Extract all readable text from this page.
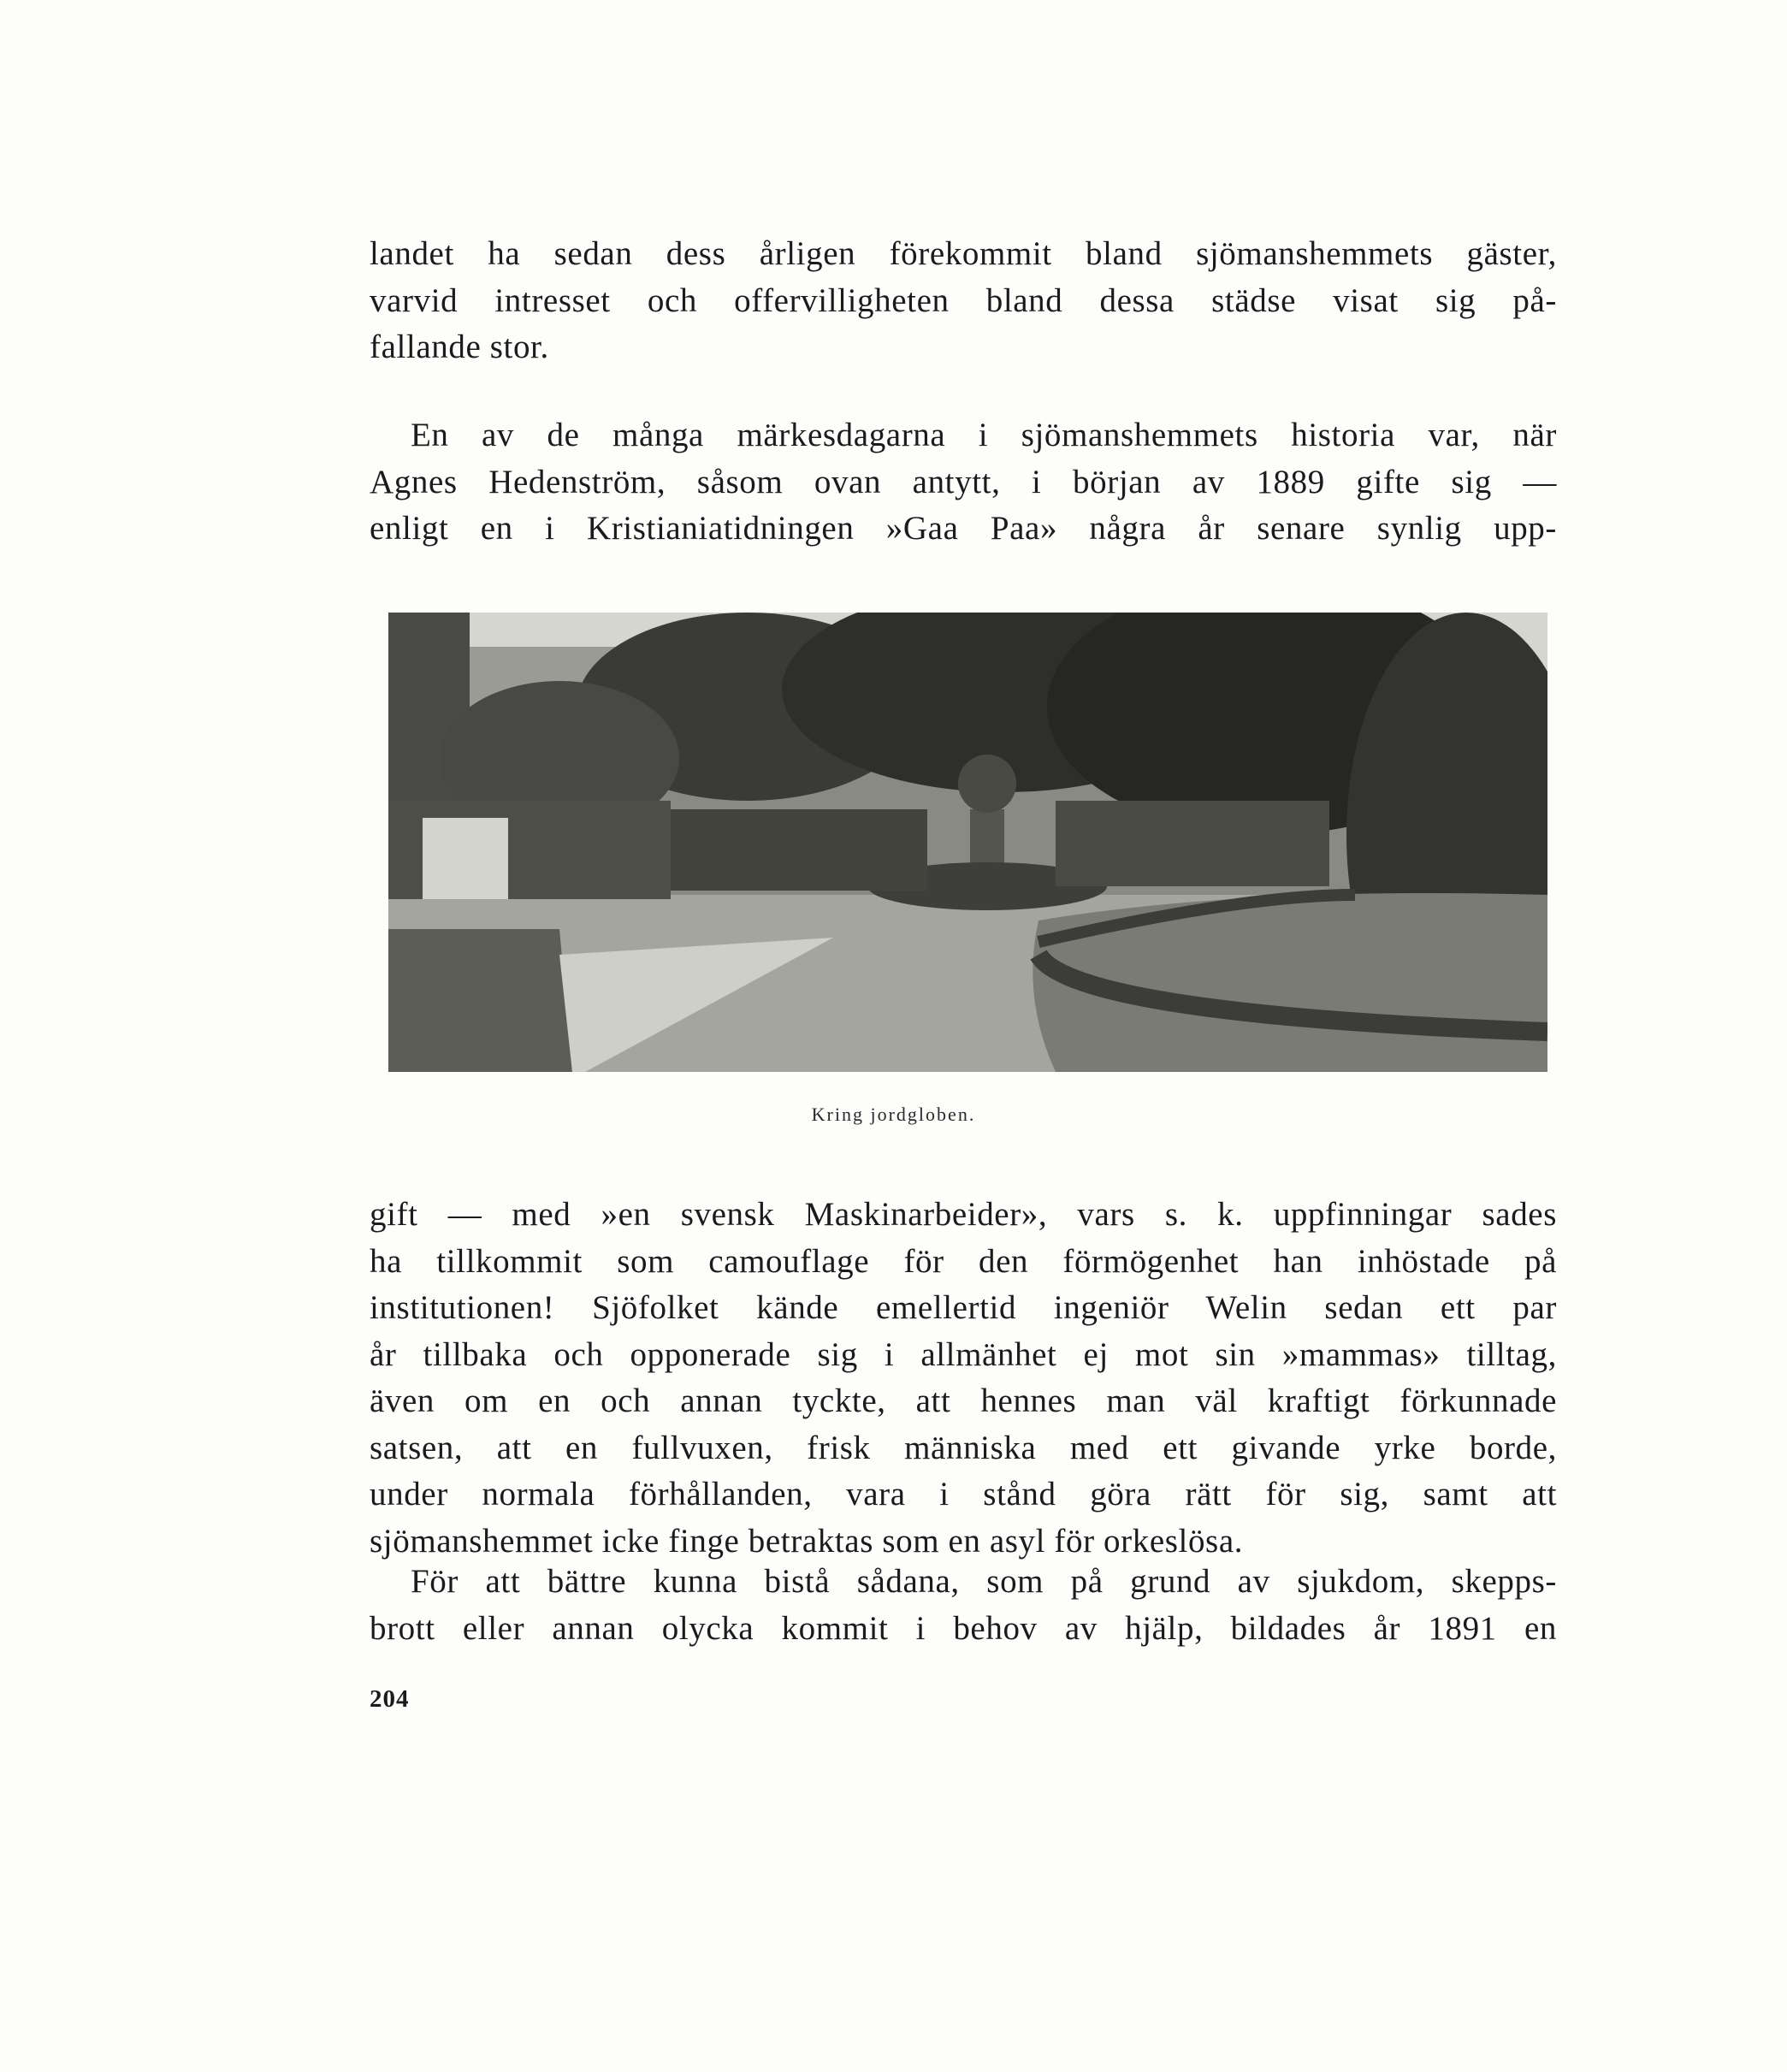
landet ha sedan dess årligen förekommit bland sjömanshemmets gäster,
varvid intresset och offervilligheten bland dessa städse visat sig på-
fallande stor.
En av de många märkesdagarna i sjömanshemmets historia var, när
Agnes Hedenström, såsom ovan antytt, i början av 1889 gifte sig —
enligt en i Kristianiatidningen »Gaa Paa» några år senare synlig upp-
Kring jordgloben.
gift — med »en svensk Maskinarbeider», vars s. k. uppfinningar sades
ha tillkommit som camouflage för den förmögenhet han inhöstade på
institutionen! Sjöfolket kände emellertid ingeniör Welin sedan ett par
år tillbaka och opponerade sig i allmänhet ej mot sin »mammas» tilltag,
även om en och annan tyckte, att hennes man väl kraftigt förkunnade
satsen, att en fullvuxen, frisk människa med ett givande yrke borde,
under normala förhållanden, vara i stånd göra rätt för sig, samt att
sjömanshemmet icke finge betraktas som en asyl för orkeslösa.
För att bättre kunna bistå sådana, som på grund av sjukdom, skepps-
brott eller annan olycka kommit i behov av hjälp, bildades år 1891 en
204
